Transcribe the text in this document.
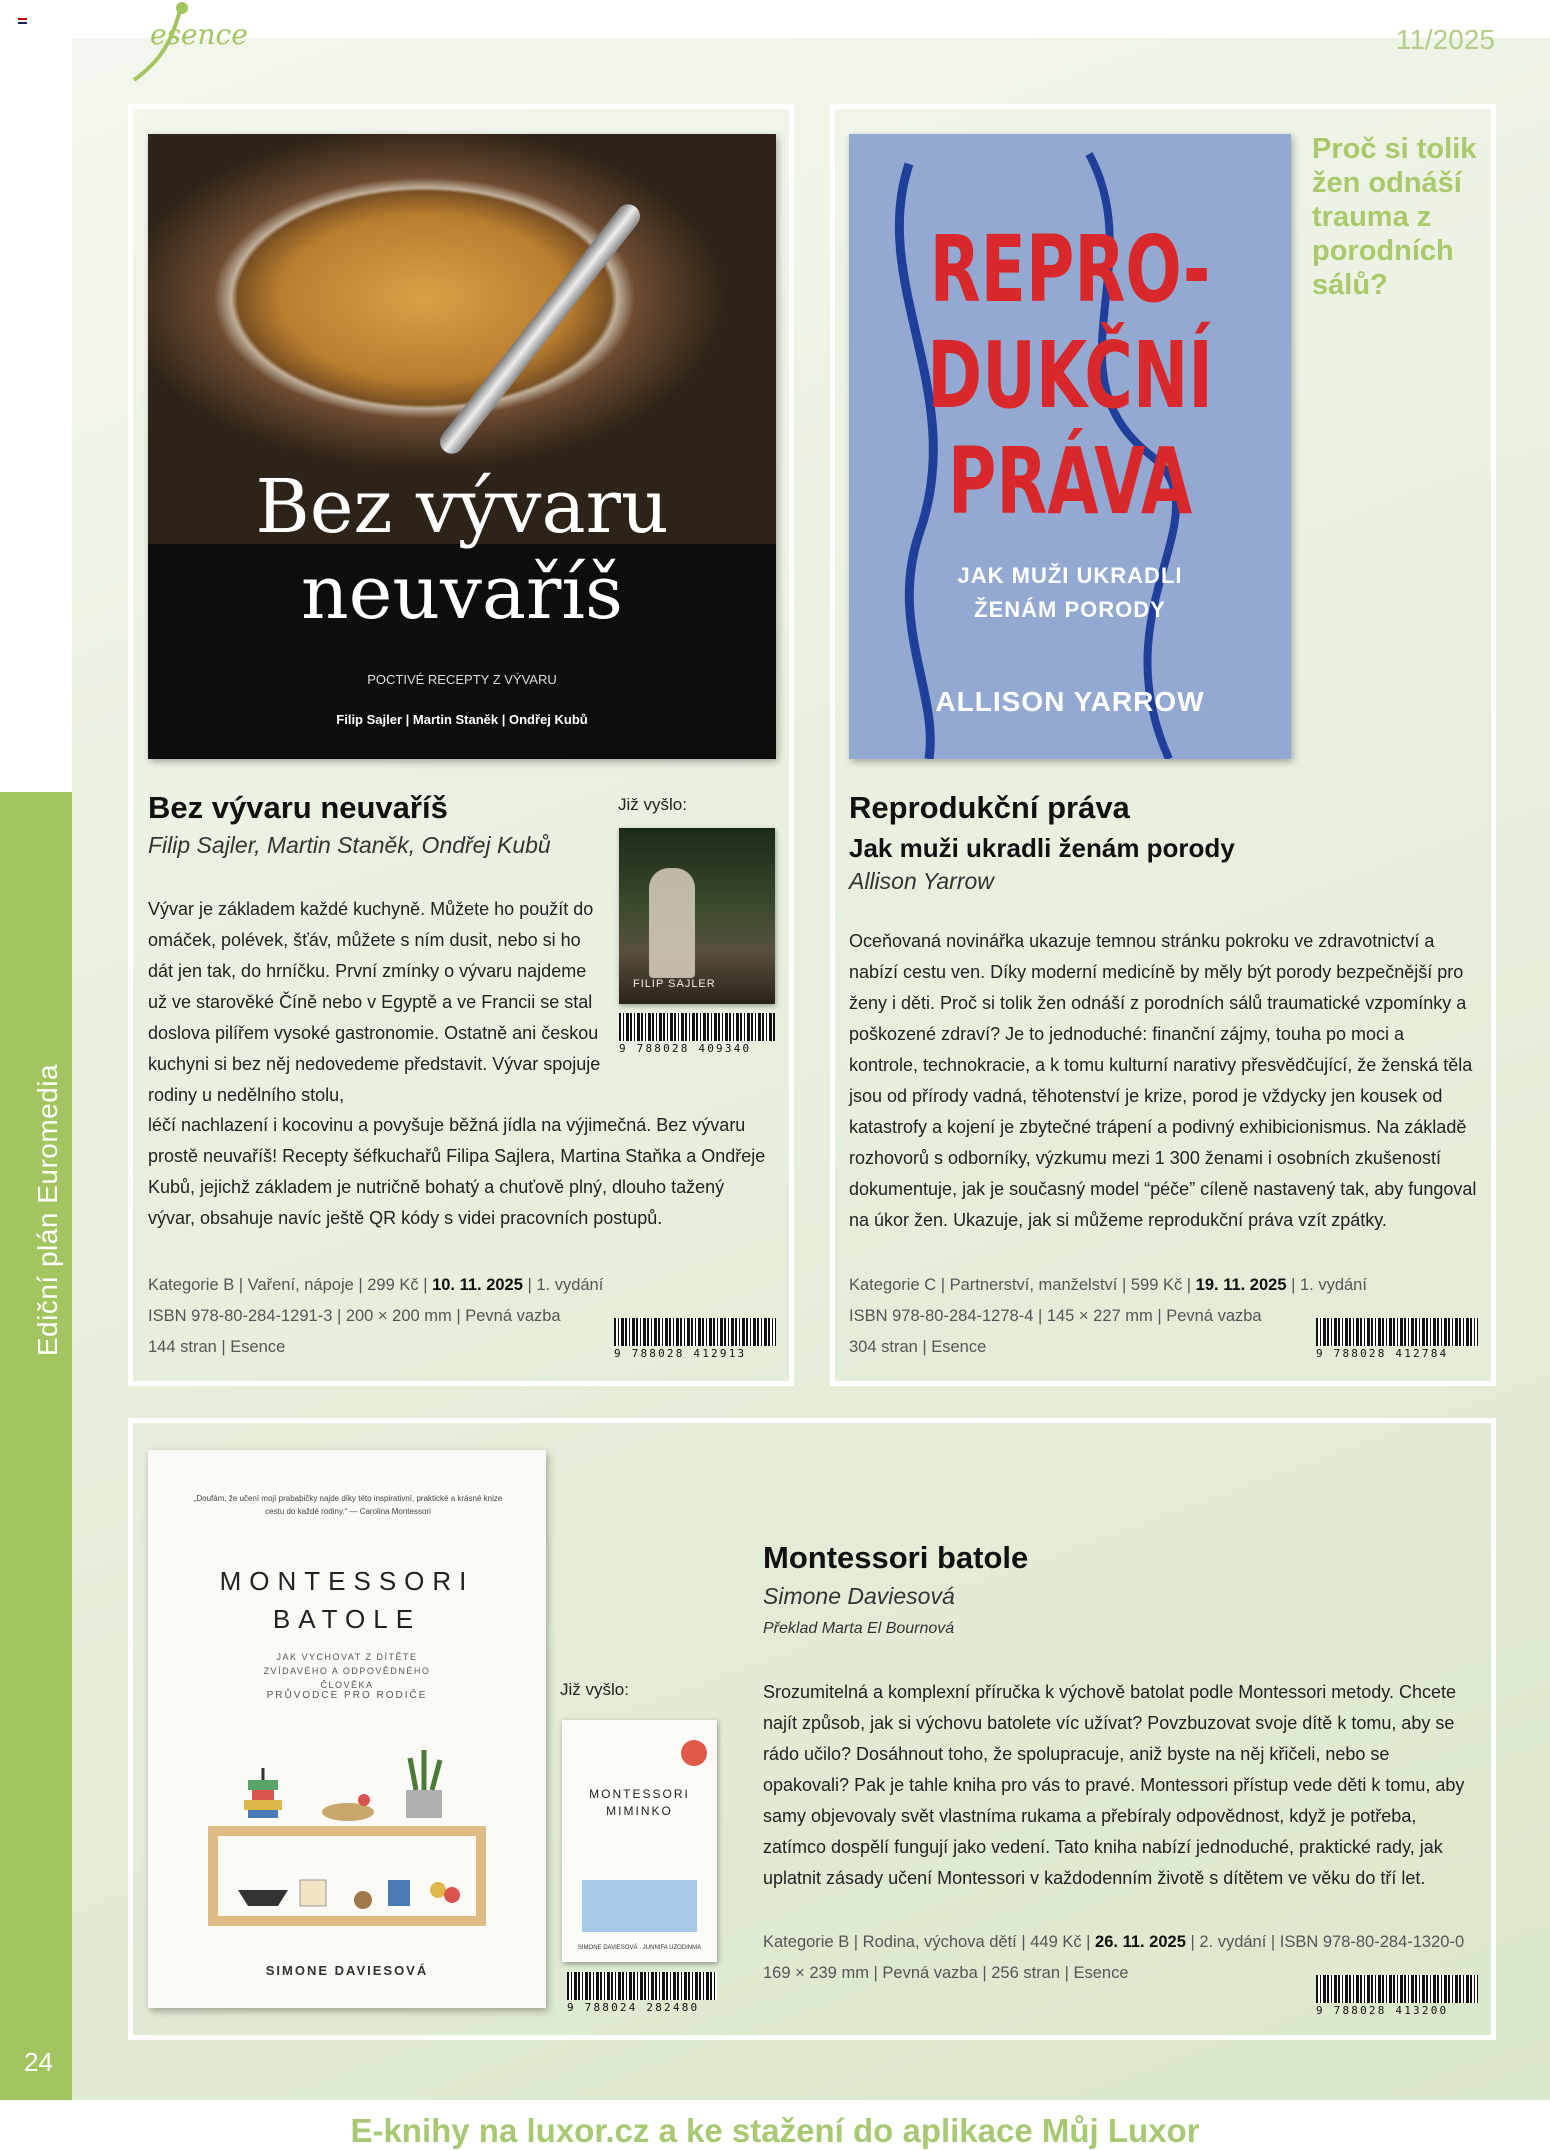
esence	11/2025
Ediční plán Euromedia
24
Bez vývaru
neuvaříš
POCTIVÉ RECEPTY Z VÝVARU
Filip Sajler | Martin Staněk | Ondřej Kubů
Bez vývaru neuvaříš
Filip Sajler, Martin Staněk, Ondřej Kubů
Již vyšlo:
FILIP SAJLER
9 788028 409340
Vývar je základem každé kuchyně. Můžete ho použít do omáček, polévek, šťáv, můžete s ním dusit, nebo si ho dát jen tak, do hrníčku. První zmínky o vývaru najdeme už ve starověké Číně nebo v Egyptě a ve Francii se stal doslova pilířem vysoké gastronomie. Ostatně ani českou kuchyni si bez něj nedovedeme představit. Vývar spojuje rodiny u nedělního stolu,
léčí nachlazení i kocovinu a povyšuje běžná jídla na výjimečná. Bez vývaru prostě neuvaříš! Recepty šéfkuchařů Filipa Sajlera, Martina Staňka a Ondřeje Kubů, jejichž základem je nutričně bohatý a chuťově plný, dlouho tažený vývar, obsahuje navíc ještě QR kódy s videi pracovních postupů.
Kategorie B | Vaření, nápoje | 299 Kč | 10. 11. 2025 | 1. vydání
ISBN 978-80-284-1291-3 | 200 × 200 mm | Pevná vazba
144 stran | Esence	9 788028 412913
REPRO-
DUKČNÍ
PRÁVA
JAK MUŽI UKRADLI
ŽENÁM PORODY
ALLISON YARROW
Proč si tolik žen odnáší trauma z porodních sálů?
Reprodukční práva
Jak muži ukradli ženám porody
Allison Yarrow
Oceňovaná novinářka ukazuje temnou stránku pokroku ve zdravotnictví a nabízí cestu ven. Díky moderní medicíně by měly být porody bezpečnější pro ženy i děti. Proč si tolik žen odnáší z porodních sálů traumatické vzpomínky a poškozené zdraví? Je to jednoduché: finanční zájmy, touha po moci a kontrole, technokracie, a k tomu kulturní narativy přesvědčující, že ženská těla jsou od přírody vadná, těhotenství je krize, porod je vždycky jen kousek od katastrofy a kojení je zbytečné trápení a podivný exhibicionismus. Na základě rozhovorů s odborníky, výzkumu mezi 1 300 ženami i osobních zkušeností dokumentuje, jak je současný model “péče” cíleně nastavený tak, aby fungoval na úkor žen. Ukazuje, jak si můžeme reprodukční práva vzít zpátky.
Kategorie C | Partnerství, manželství | 599 Kč | 19. 11. 2025 | 1. vydání
ISBN 978-80-284-1278-4 | 145 × 227 mm | Pevná vazba
304 stran | Esence	9 788028 412784
„Doufám, že učení mojí prababičky najde díky této inspirativní, praktické a krásné knize cestu do každé rodiny.“ — Carolina Montessori
MONTESSORI
BATOLE
JAK VYCHOVAT Z DÍTĚTE ZVÍDAVÉHO A ODPOVĚDNÉHO ČLOVĚKA
PRŮVODCE PRO RODIČE
SIMONE DAVIESOVÁ
Již vyšlo:
MONTESSORI
MIMINKO
SIMONE DAVIESOVÁ · JUNNIFA UZODINMA
9 788024 282480
Montessori batole
Simone Daviesová
Překlad Marta El Bournová
Srozumitelná a komplexní příručka k výchově batolat podle Montessori metody. Chcete najít způsob, jak si výchovu batolete víc užívat? Povzbuzovat svoje dítě k tomu, aby se rádo učilo? Dosáhnout toho, že spolupracuje, aniž byste na něj křičeli, nebo se opakovali? Pak je tahle kniha pro vás to pravé. Montessori přístup vede děti k tomu, aby samy objevovaly svět vlastníma rukama a přebíraly odpovědnost, když je potřeba, zatímco dospělí fungují jako vedení. Tato kniha nabízí jednoduché, praktické rady, jak uplatnit zásady učení Montessori v každodenním životě s dítětem ve věku do tří let.
Kategorie B | Rodina, výchova dětí | 449 Kč | 26. 11. 2025 | 2. vydání | ISBN 978-80-284-1320-0
169 × 239 mm | Pevná vazba | 256 stran | Esence
9 788028 413200
E-knihy na luxor.cz a ke stažení do aplikace Můj Luxor
